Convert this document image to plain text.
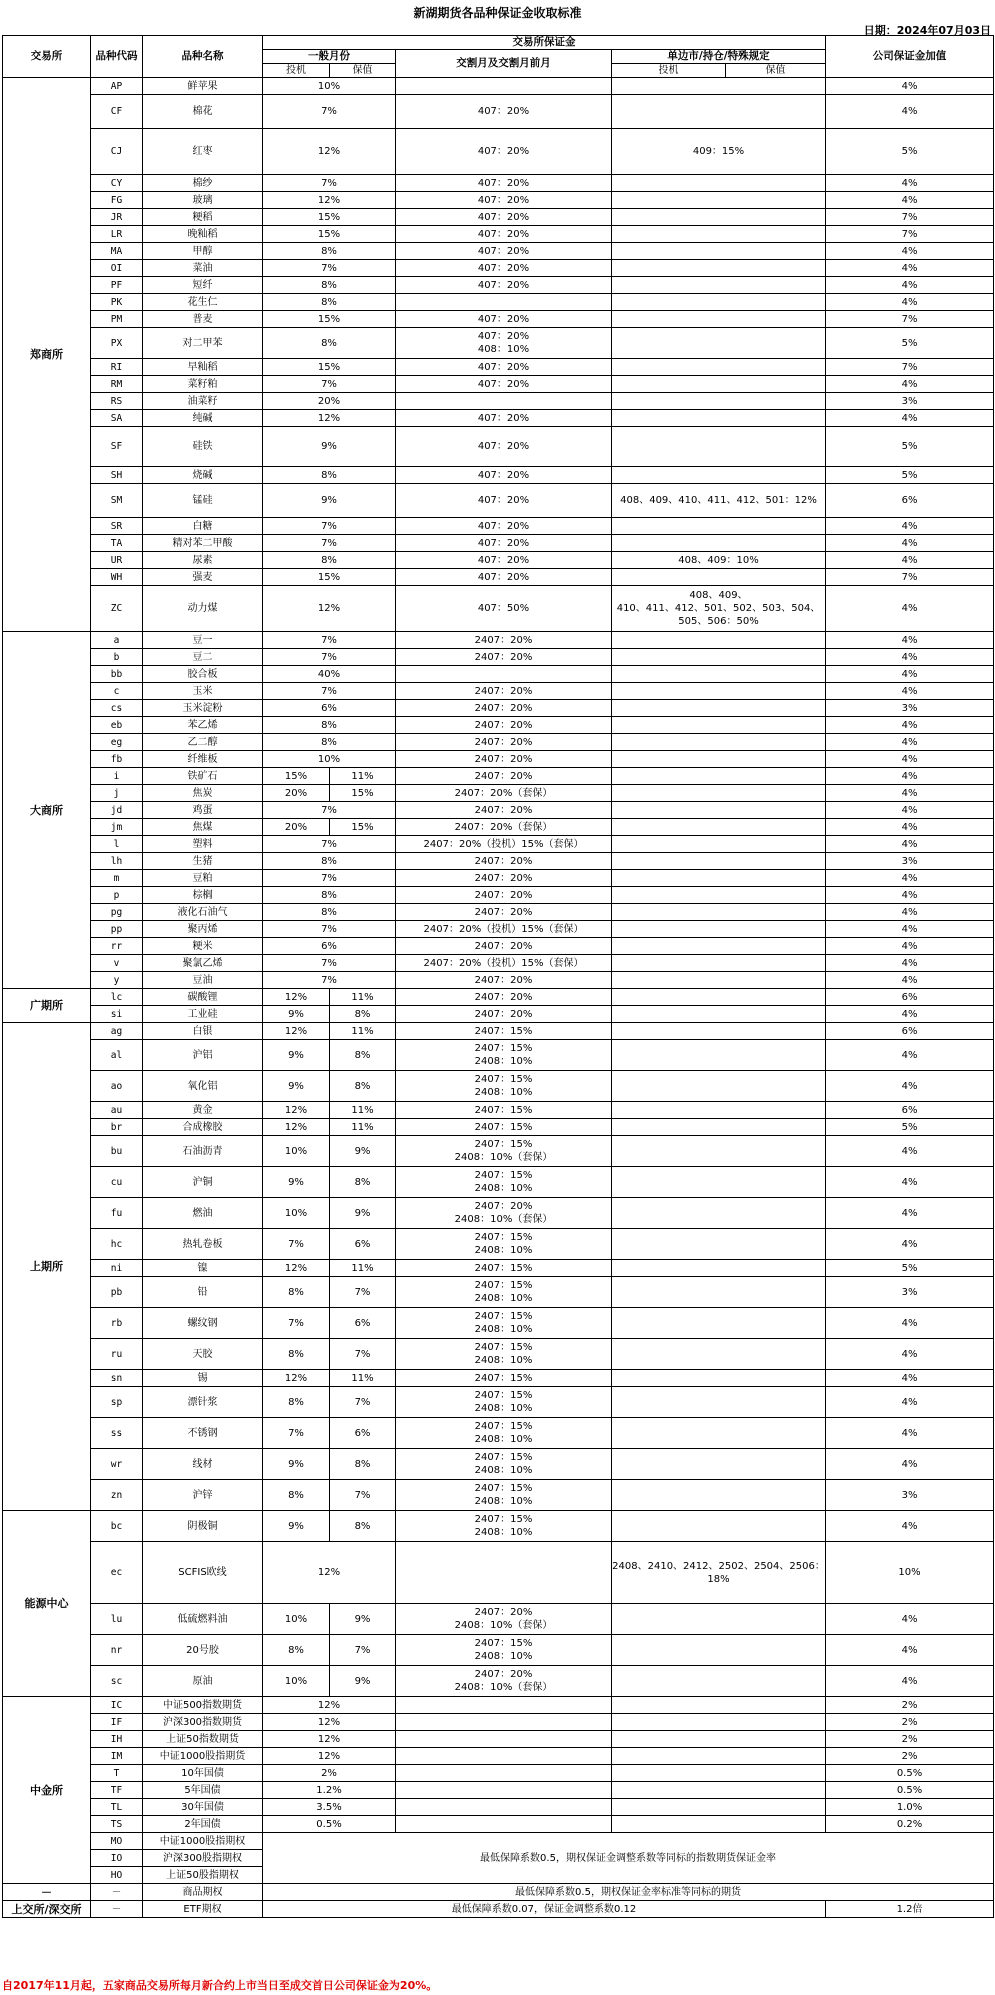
新湖期货各品种保证金收取标准
日期：2024年07月03日
交易所	品种代码	品种名称	交易所保证金					公司保证金加值
			一般月份		交割月及交割月前月	单边市/持仓/特殊规定		
			投机	保值		投机	保值	
郑商所	AP	鲜苹果	10%					4%
	CF	棉花	7%		407：20%			4%
	CJ	红枣	12%		407：20%	409：15%		5%
	CY	棉纱	7%		407：20%			4%
	FG	玻璃	12%		407：20%			4%
	JR	粳稻	15%		407：20%			7%
	LR	晚籼稻	15%		407：20%			7%
	MA	甲醇	8%		407：20%			4%
	OI	菜油	7%		407：20%			4%
	PF	短纤	8%		407：20%			4%
	PK	花生仁	8%					4%
	PM	普麦	15%		407：20%			7%
	PX	对二甲苯	8%		407：20%
408：10%			5%
	RI	早籼稻	15%		407：20%			7%
	RM	菜籽粕	7%		407：20%			4%
	RS	油菜籽	20%					3%
	SA	纯碱	12%		407：20%			4%
	SF	硅铁	9%		407：20%			5%
	SH	烧碱	8%		407：20%			5%
	SM	锰硅	9%		407：20%	408、409、410、411、412、501：12%		6%
	SR	白糖	7%		407：20%			4%
	TA	精对苯二甲酸	7%		407：20%			4%
	UR	尿素	8%		407：20%	408、409：10%		4%
	WH	强麦	15%		407：20%			7%
	ZC	动力煤	12%		407：50%	408、409、
410、411、412、501、502、503、504、
505、506：50%		4%
大商所	a	豆一	7%		2407：20%			4%
	b	豆二	7%		2407：20%			4%
	bb	胶合板	40%					4%
	c	玉米	7%		2407：20%			4%
	cs	玉米淀粉	6%		2407：20%			3%
	eb	苯乙烯	8%		2407：20%			4%
	eg	乙二醇	8%		2407：20%			4%
	fb	纤维板	10%		2407：20%			4%
	i	铁矿石	15%	11%	2407：20%			4%
	j	焦炭	20%	15%	2407：20%（套保）			4%
	jd	鸡蛋	7%		2407：20%			4%
	jm	焦煤	20%	15%	2407：20%（套保）			4%
	l	塑料	7%		2407：20%（投机）15%（套保）			4%
	lh	生猪	8%		2407：20%			3%
	m	豆粕	7%		2407：20%			4%
	p	棕榈	8%		2407：20%			4%
	pg	液化石油气	8%		2407：20%			4%
	pp	聚丙烯	7%		2407：20%（投机）15%（套保）			4%
	rr	粳米	6%		2407：20%			4%
	v	聚氯乙烯	7%		2407：20%（投机）15%（套保）			4%
	y	豆油	7%		2407：20%			4%
广期所	lc	碳酸锂	12%	11%	2407：20%			6%
	si	工业硅	9%	8%	2407：20%			4%
上期所	ag	白银	12%	11%	2407：15%			6%
	al	沪铝	9%	8%	2407：15%
2408：10%			4%
	ao	氧化铝	9%	8%	2407：15%
2408：10%			4%
	au	黄金	12%	11%	2407：15%			6%
	br	合成橡胶	12%	11%	2407：15%			5%
	bu	石油沥青	10%	9%	2407：15%
2408：10%（套保）			4%
	cu	沪铜	9%	8%	2407：15%
2408：10%			4%
	fu	燃油	10%	9%	2407：20%
2408：10%（套保）			4%
	hc	热轧卷板	7%	6%	2407：15%
2408：10%			4%
	ni	镍	12%	11%	2407：15%			5%
	pb	铅	8%	7%	2407：15%
2408：10%			3%
	rb	螺纹钢	7%	6%	2407：15%
2408：10%			4%
	ru	天胶	8%	7%	2407：15%
2408：10%			4%
	sn	锡	12%	11%	2407：15%			4%
	sp	漂针浆	8%	7%	2407：15%
2408：10%			4%
	ss	不锈钢	7%	6%	2407：15%
2408：10%			4%
	wr	线材	9%	8%	2407：15%
2408：10%			4%
	zn	沪锌	8%	7%	2407：15%
2408：10%			3%
能源中心	bc	阴极铜	9%	8%	2407：15%
2408：10%			4%
	ec	SCFIS欧线	12%			2408、2410、2412、2502、2504、2506：
18%		10%
	lu	低硫燃料油	10%	9%	2407：20%
2408：10%（套保）			4%
	nr	20号胶	8%	7%	2407：15%
2408：10%			4%
	sc	原油	10%	9%	2407：20%
2408：10%（套保）			4%
中金所	IC	中证500指数期货	12%					2%
	IF	沪深300指数期货	12%					2%
	IH	上证50指数期货	12%					2%
	IM	中证1000股指期货	12%					2%
	T	10年国债	2%					0.5%
	TF	5年国债	1.2%					0.5%
	TL	30年国债	3.5%					1.0%
	TS	2年国债	0.5%					0.2%
	MO	中证1000股指期权	最低保障系数0.5，期权保证金调整系数等同标的指数期货保证金率					
	IO	沪深300股指期权						
	HO	上证50股指期权						
－	－	商品期权	最低保障系数0.5，期权保证金率标准等同标的期货					
上交所/深交所	－	ETF期权	最低保障系数0.07，保证金调整系数0.12					1.2倍
自2017年11月起，五家商品交易所每月新合约上市当日至成交首日公司保证金为20%。
